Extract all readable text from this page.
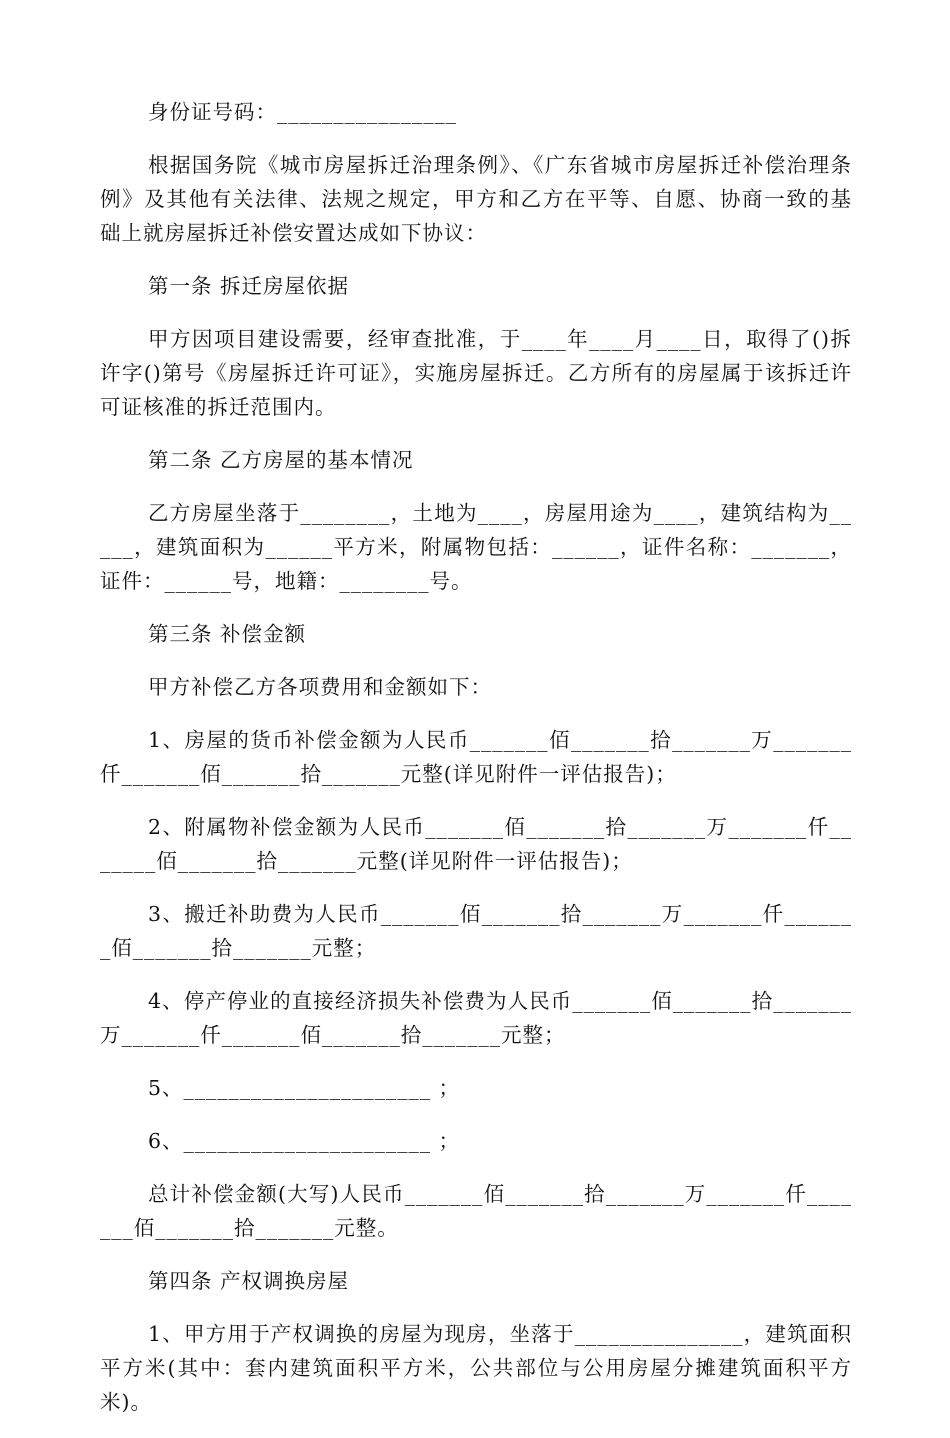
身份证号码：________________

根据国务院《城市房屋拆迁治理条例》、《广东省城市房屋拆迁补偿治理条例》及其他有关法律、法规之规定，甲方和乙方在平等、自愿、协商一致的基础上就房屋拆迁补偿安置达成如下协议：

第一条 拆迁房屋依据

甲方因项目建设需要，经审查批准，于____年____月____日，取得了()拆许字()第号《房屋拆迁许可证》，实施房屋拆迁。乙方所有的房屋属于该拆迁许可证核准的拆迁范围内。

第二条 乙方房屋的基本情况

乙方房屋坐落于________，土地为____，房屋用途为____，建筑结构为_____，建筑面积为______平方米，附属物包括：______，证件名称：_______，证件：______号，地籍：________号。

第三条 补偿金额

甲方补偿乙方各项费用和金额如下：

1、房屋的货币补偿金额为人民币_______佰_______拾_______万_______仟_______佰_______拾_______元整(详见附件一评估报告)；

2、附属物补偿金额为人民币_______佰_______拾_______万_______仟_______佰_______拾_______元整(详见附件一评估报告)；

3、搬迁补助费为人民币_______佰_______拾_______万_______仟_______佰_______拾_______元整；

4、停产停业的直接经济损失补偿费为人民币_______佰_______拾_______万_______仟_______佰_______拾_______元整；

5、______________________ ；

6、______________________ ；

总计补偿金额(大写)人民币_______佰_______拾_______万_______仟_______佰_______拾_______元整。

第四条 产权调换房屋

1、甲方用于产权调换的房屋为现房，坐落于_______________，建筑面积平方米(其中：套内建筑面积平方米，公共部位与公用房屋分摊建筑面积平方米)。
